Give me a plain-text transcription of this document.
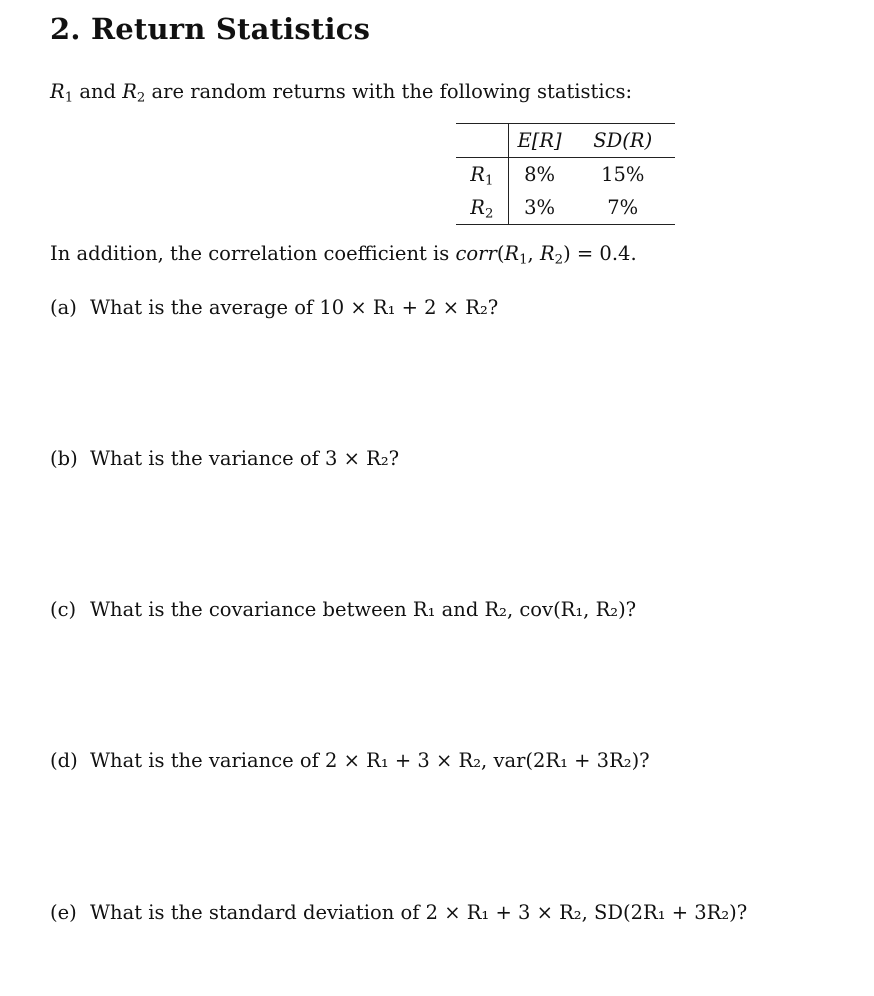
2. Return Statistics
$R_1$ and $R_2$ are random returns with the following statistics:
	E[R]	SD(R)
$R_1$	8%	15%
$R_2$	3%	7%
In addition, the correlation coefficient is $corr(R_1$, $R_2) = 0.4$.
(a) What is the average of 10 × R₁ + 2 × R₂?
(b) What is the variance of 3 × R₂?
(c) What is the covariance between R₁ and R₂, cov(R₁, R₂)?
(d) What is the variance of 2 × R₁ + 3 × R₂, var(2R₁ + 3R₂)?
(e) What is the standard deviation of 2 × R₁ + 3 × R₂, SD(2R₁ + 3R₂)?
